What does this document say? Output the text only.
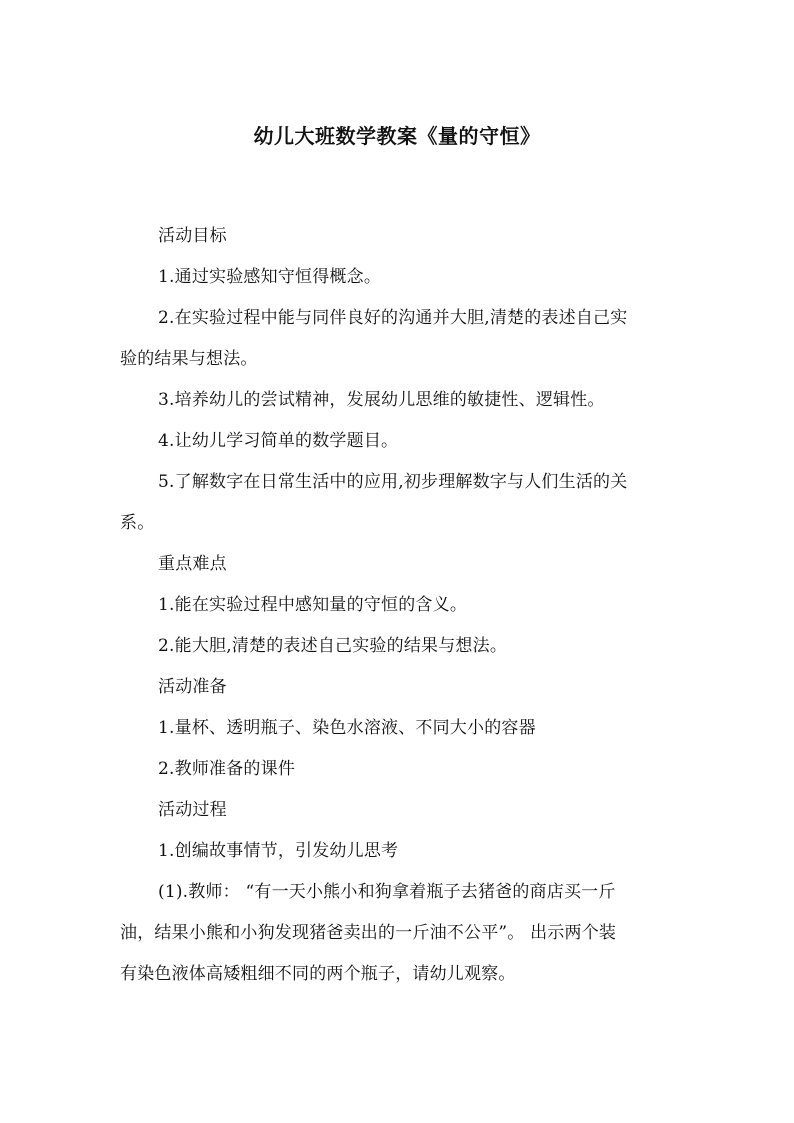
幼儿大班数学教案《量的守恒》
活动目标
1.通过实验感知守恒得概念。
2.在实验过程中能与同伴良好的沟通并大胆,清楚的表述自己实
验的结果与想法。
3.培养幼儿的尝试精神，发展幼儿思维的敏捷性、逻辑性。
4.让幼儿学习简单的数学题目。
5.了解数字在日常生活中的应用,初步理解数字与人们生活的关
系。
重点难点
1.能在实验过程中感知量的守恒的含义。
2.能大胆,清楚的表述自己实验的结果与想法。
活动准备
1.量杯、透明瓶子、染色水溶液、不同大小的容器
2.教师准备的课件
活动过程
1.创编故事情节，引发幼儿思考
(1).教师： “有一天小熊小和狗拿着瓶子去猪爸的商店买一斤
油，结果小熊和小狗发现猪爸卖出的一斤油不公平”。 出示两个装
有染色液体高矮粗细不同的两个瓶子，请幼儿观察。
